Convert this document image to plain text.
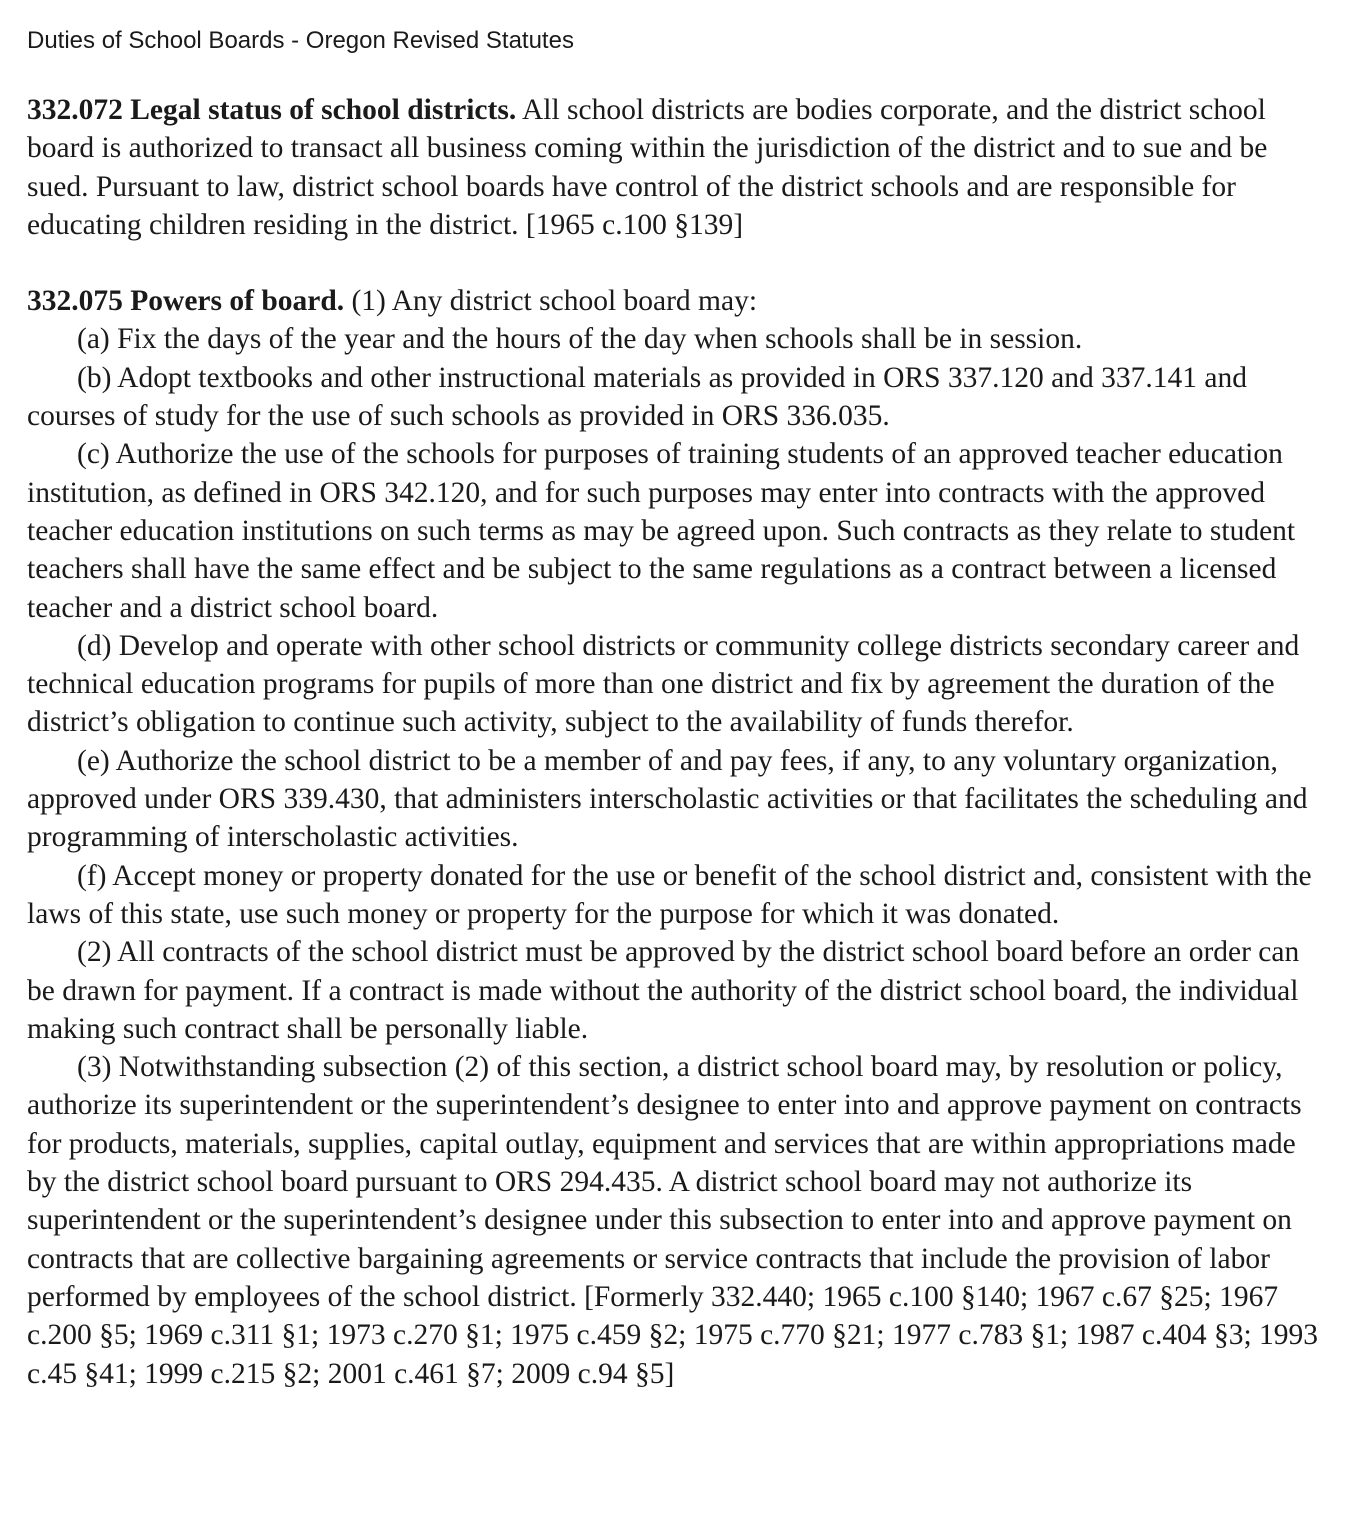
Duties of School Boards - Oregon Revised Statutes

332.072 Legal status of school districts. All school districts are bodies corporate, and the district school board is authorized to transact all business coming within the jurisdiction of the district and to sue and be sued. Pursuant to law, district school boards have control of the district schools and are responsible for educating children residing in the district. [1965 c.100 §139]

332.075 Powers of board. (1) Any district school board may:

(a) Fix the days of the year and the hours of the day when schools shall be in session.

(b) Adopt textbooks and other instructional materials as provided in ORS 337.120 and 337.141 and courses of study for the use of such schools as provided in ORS 336.035.

(c) Authorize the use of the schools for purposes of training students of an approved teacher education institution, as defined in ORS 342.120, and for such purposes may enter into contracts with the approved teacher education institutions on such terms as may be agreed upon. Such contracts as they relate to student teachers shall have the same effect and be subject to the same regulations as a contract between a licensed teacher and a district school board.

(d) Develop and operate with other school districts or community college districts secondary career and technical education programs for pupils of more than one district and fix by agreement the duration of the district’s obligation to continue such activity, subject to the availability of funds therefor.

(e) Authorize the school district to be a member of and pay fees, if any, to any voluntary organization, approved under ORS 339.430, that administers interscholastic activities or that facilitates the scheduling and programming of interscholastic activities.

(f) Accept money or property donated for the use or benefit of the school district and, consistent with the laws of this state, use such money or property for the purpose for which it was donated.

(2) All contracts of the school district must be approved by the district school board before an order can be drawn for payment. If a contract is made without the authority of the district school board, the individual making such contract shall be personally liable.

(3) Notwithstanding subsection (2) of this section, a district school board may, by resolution or policy, authorize its superintendent or the superintendent’s designee to enter into and approve payment on contracts for products, materials, supplies, capital outlay, equipment and services that are within appropriations made by the district school board pursuant to ORS 294.435. A district school board may not authorize its superintendent or the superintendent’s designee under this subsection to enter into and approve payment on contracts that are collective bargaining agreements or service contracts that include the provision of labor performed by employees of the school district. [Formerly 332.440; 1965 c.100 §140; 1967 c.67 §25; 1967 c.200 §5; 1969 c.311 §1; 1973 c.270 §1; 1975 c.459 §2; 1975 c.770 §21; 1977 c.783 §1; 1987 c.404 §3; 1993 c.45 §41; 1999 c.215 §2; 2001 c.461 §7; 2009 c.94 §5]
